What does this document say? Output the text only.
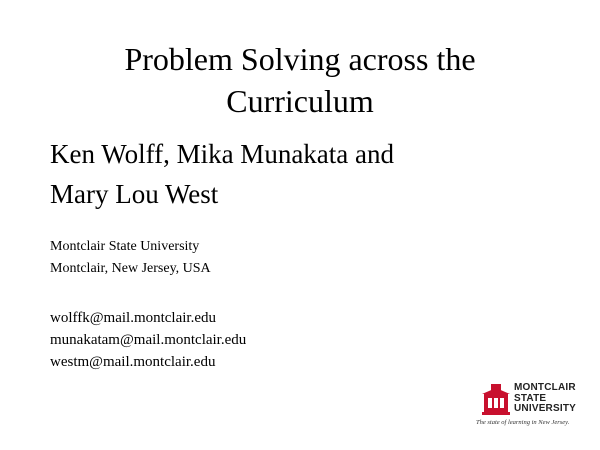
Problem Solving across the
Curriculum
Ken Wolff, Mika Munakata and
Mary Lou West
Montclair State University
Montclair, New Jersey, USA
wolffk@mail.montclair.edu
munakatam@mail.montclair.edu
westm@mail.montclair.edu
MONTCLAIR
STATE
UNIVERSITY
The state of learning in New Jersey.
